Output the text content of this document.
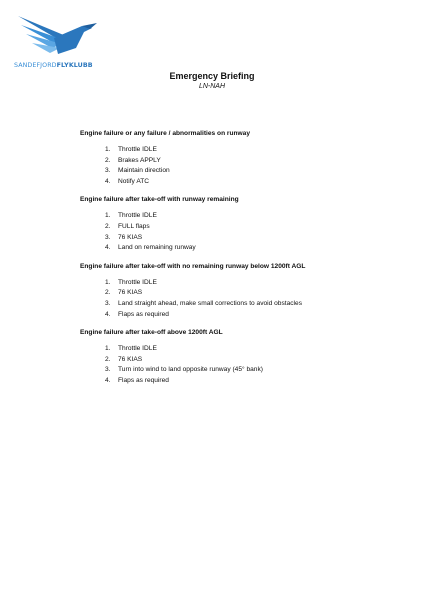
SANDEFJORDFLYKLUBB
Emergency Briefing
LN-NAH
Engine failure or any failure / abnormalities on runway
1. Throttle IDLE
2. Brakes APPLY
3. Maintain direction
4. Notify ATC
Engine failure after take-off with runway remaining
1. Throttle IDLE
2. FULL flaps
3. 76 KIAS
4. Land on remaining runway
Engine failure after take-off with no remaining runway below 1200ft AGL
1. Throttle IDLE
2. 76 KIAS
3. Land straight ahead, make small corrections to avoid obstacles
4. Flaps as required
Engine failure after take-off above 1200ft AGL
1. Throttle IDLE
2. 76 KIAS
3. Turn into wind to land opposite runway (45° bank)
4. Flaps as required
